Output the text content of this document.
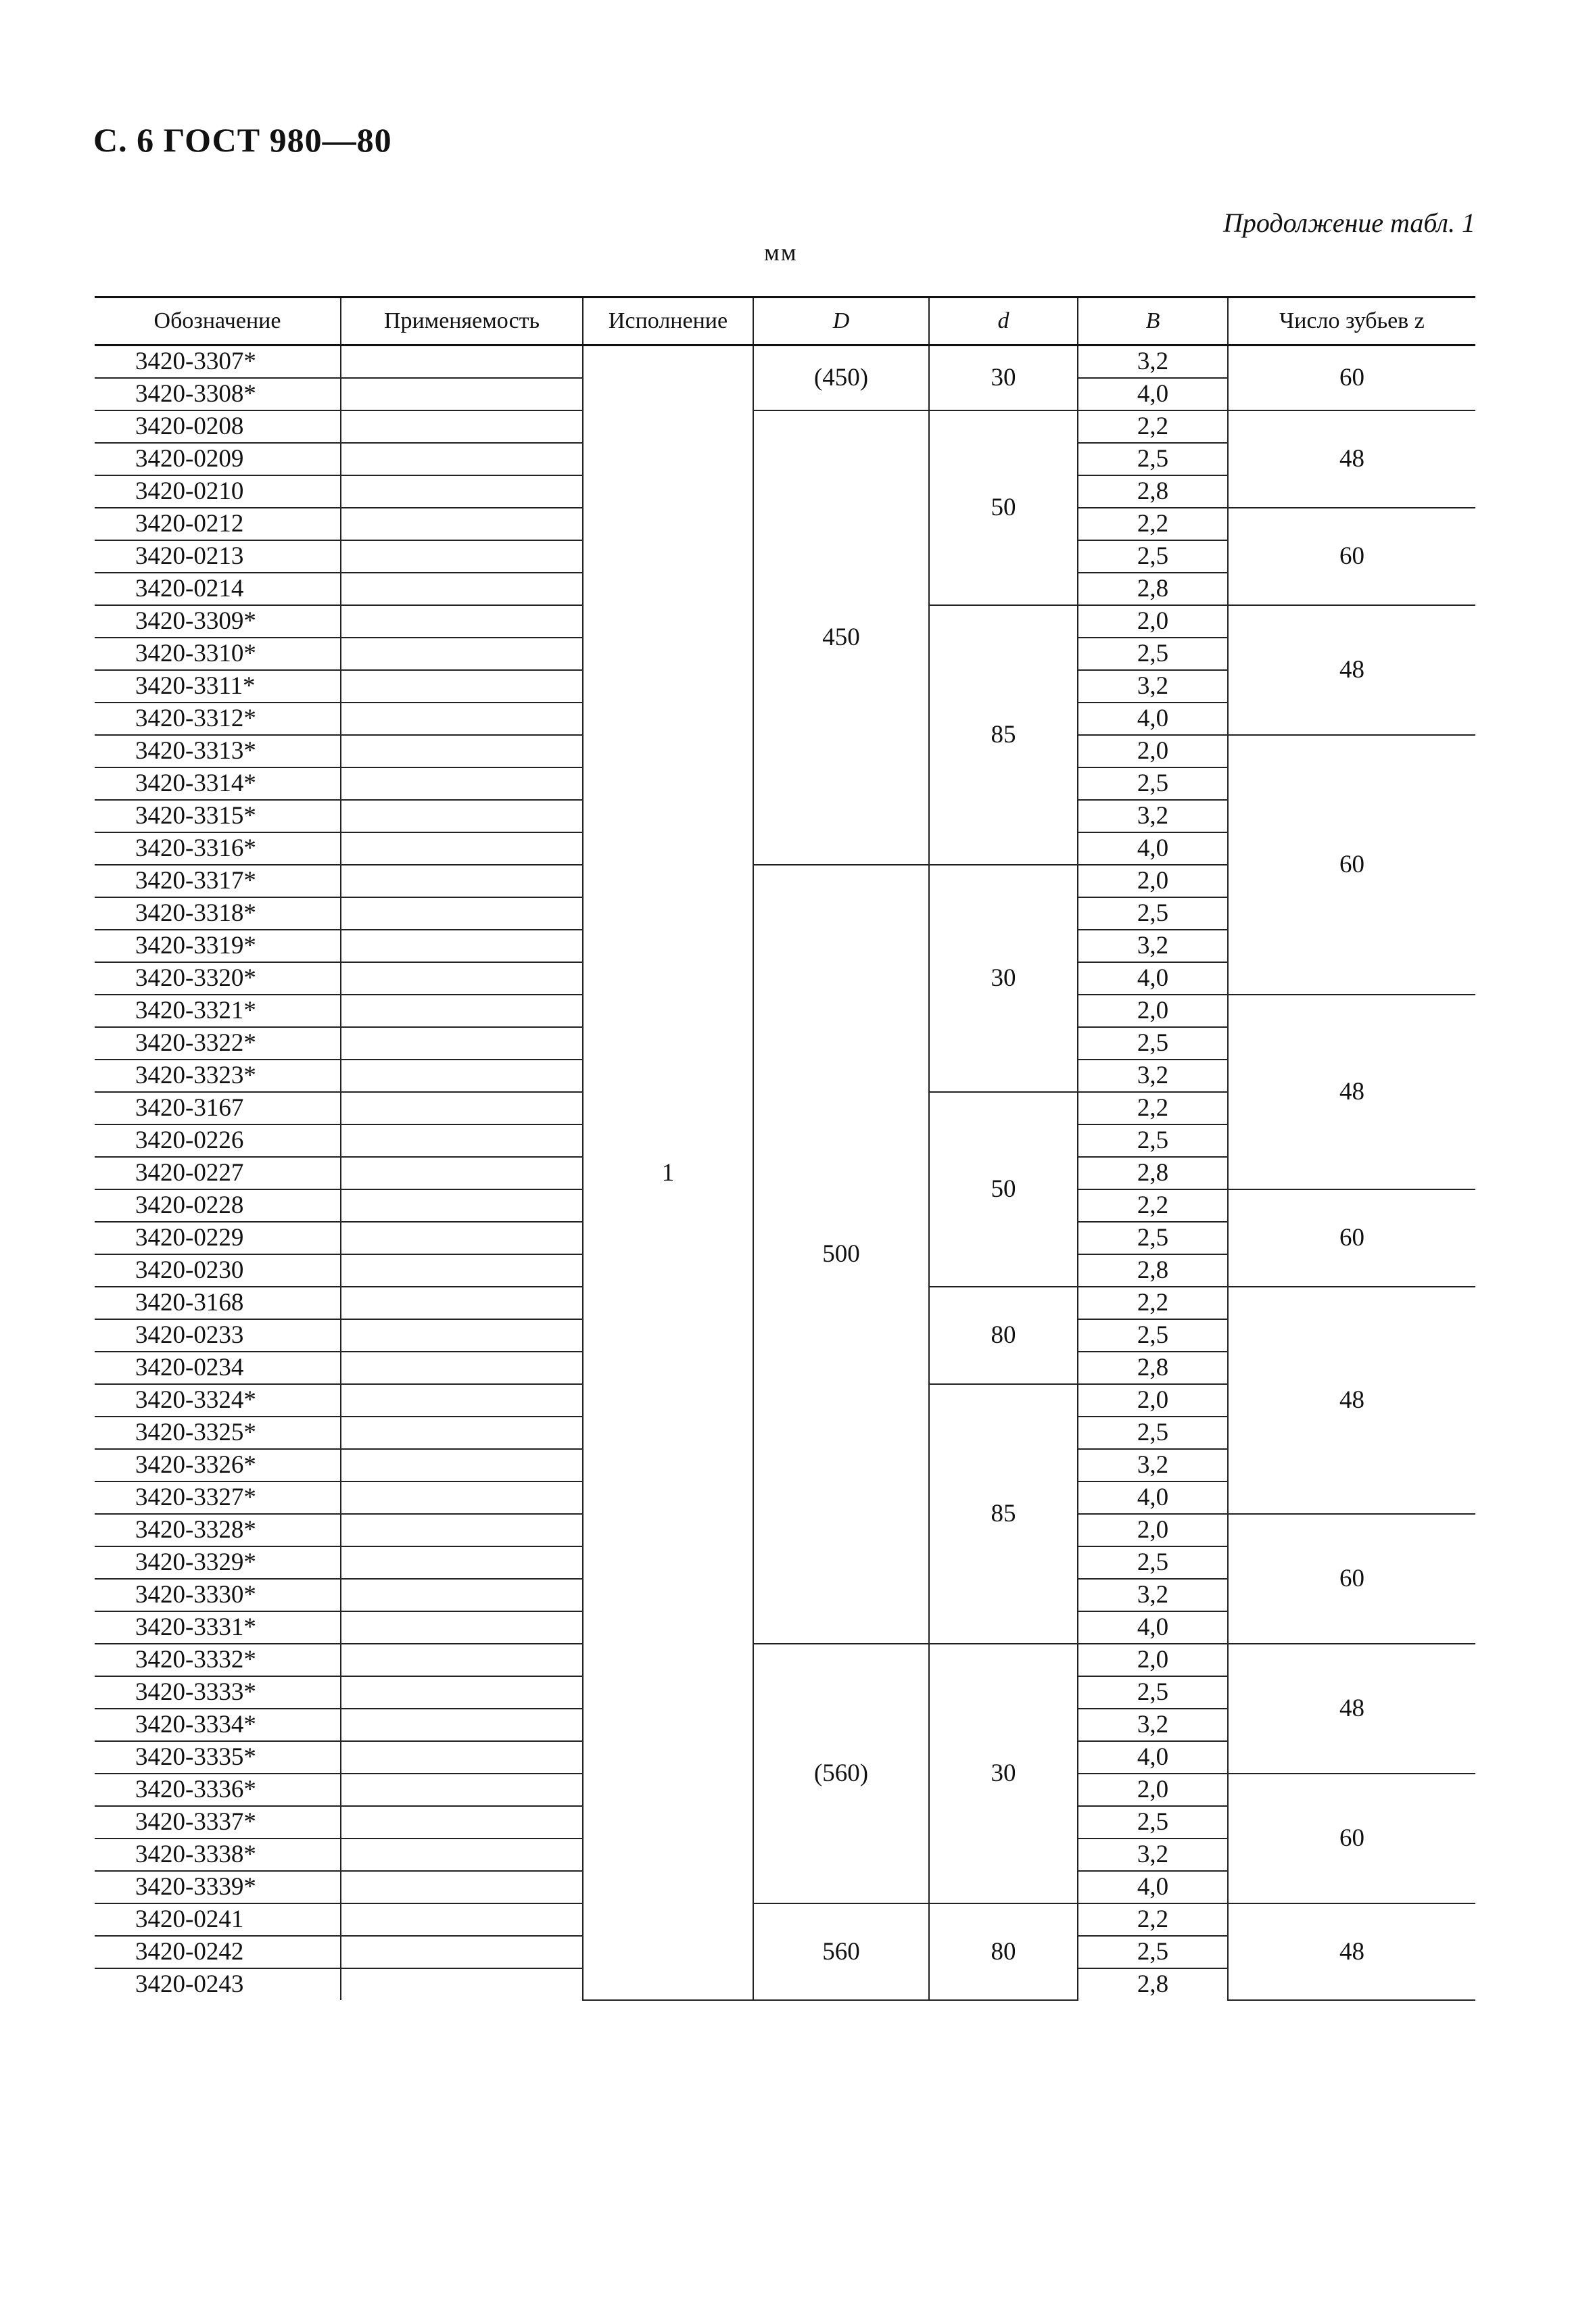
С. 6 ГОСТ 980—80
Продолжение табл. 1
мм
Обозначение	Применяемость	Исполнение	D	d	B	Число зубьев z
3420-3307*		1	(450)	30	3,2	60
3420-3308*					4,0	
3420-0208			450	50	2,2	48
3420-0209					2,5	
3420-0210					2,8	
3420-0212					2,2	60
3420-0213					2,5	
3420-0214					2,8	
3420-3309*				85	2,0	48
3420-3310*					2,5	
3420-3311*					3,2	
3420-3312*					4,0	
3420-3313*					2,0	60
3420-3314*					2,5	
3420-3315*					3,2	
3420-3316*					4,0	
3420-3317*			500	30	2,0	
3420-3318*					2,5	
3420-3319*					3,2	
3420-3320*					4,0	
3420-3321*					2,0	48
3420-3322*					2,5	
3420-3323*					3,2	
3420-3167				50	2,2	
3420-0226					2,5	
3420-0227					2,8	
3420-0228					2,2	60
3420-0229					2,5	
3420-0230					2,8	
3420-3168				80	2,2	48
3420-0233					2,5	
3420-0234					2,8	
3420-3324*				85	2,0	
3420-3325*					2,5	
3420-3326*					3,2	
3420-3327*					4,0	
3420-3328*					2,0	60
3420-3329*					2,5	
3420-3330*					3,2	
3420-3331*					4,0	
3420-3332*			(560)	30	2,0	48
3420-3333*					2,5	
3420-3334*					3,2	
3420-3335*					4,0	
3420-3336*					2,0	60
3420-3337*					2,5	
3420-3338*					3,2	
3420-3339*					4,0	
3420-0241			560	80	2,2	48
3420-0242					2,5	
3420-0243					2,8	
